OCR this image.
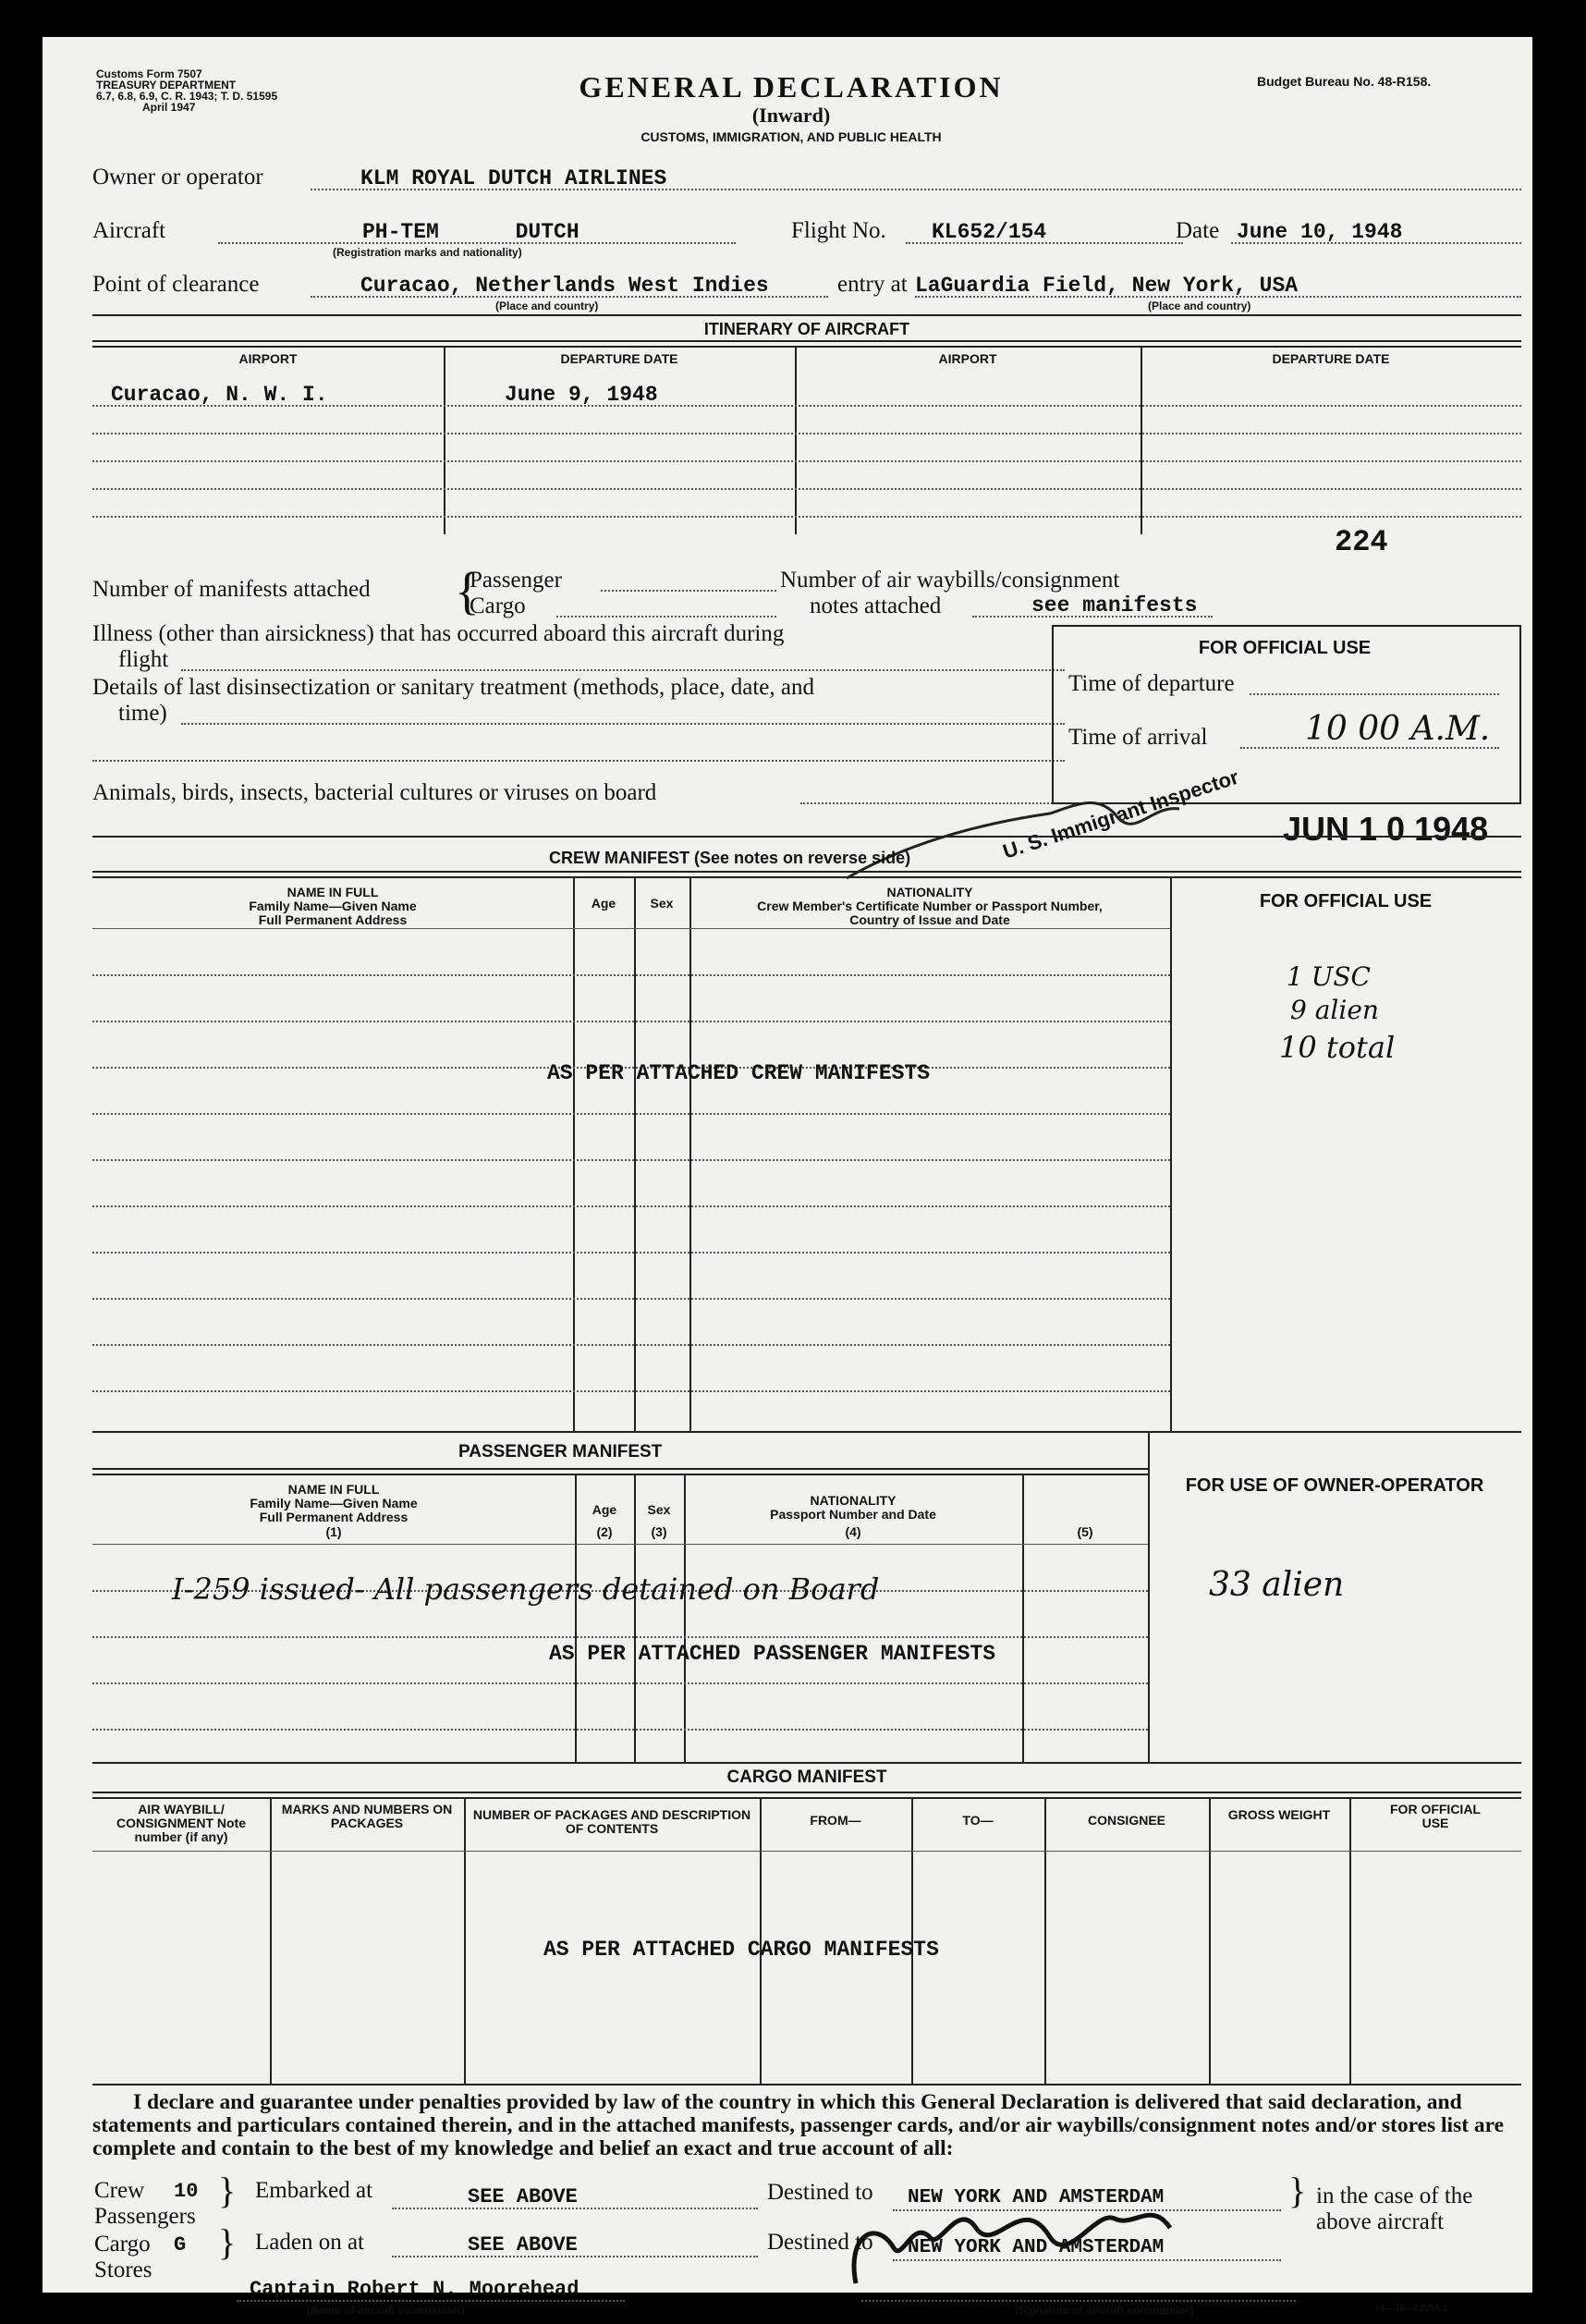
Customs Form 7507
TREASURY DEPARTMENT
6.7, 6.8, 6.9, C. R. 1943; T. D. 51595
April 1947
GENERAL DECLARATION
(Inward)
CUSTOMS, IMMIGRATION, AND PUBLIC HEALTH
Budget Bureau No. 48-R158.
Owner or operator	KLM ROYAL DUTCH AIRLINES
Aircraft	PH-TEM      DUTCH
(Registration marks and nationality)
Flight No. KL652/154	Date June 10, 1948
Point of clearance	Curacao, Netherlands West Indies
(Place and country)
entry at LaGuardia Field, New York, USA
(Place and country)
ITINERARY OF AIRCRAFT
AIRPORT	DEPARTURE DATE	AIRPORT	DEPARTURE DATE
Curacao, N. W. I.	June 9, 1948
224
Number of manifests attached {
Passenger
Cargo
Number of air waybills/consignment
notes attached	see manifests
Illness (other than airsickness) that has occurred aboard this aircraft during
flight
Details of last disinsectization or sanitary treatment (methods, place, date, and
time)
Animals, birds, insects, bacterial cultures or viruses on board
FOR OFFICIAL USE
Time of departure
Time of arrival	10 00 A.M.
U. S. Immigrant Inspector JUN 1 0 1948
CREW MANIFEST (See notes on reverse side)
NAME IN FULL
Family Name—Given Name
Full Permanent Address
Age	Sex
NATIONALITY
Crew Member's Certificate Number or Passport Number,
Country of Issue and Date
FOR OFFICIAL USE
AS PER ATTACHED CREW MANIFESTS
1 USC
9 alien
10 total
PASSENGER MANIFEST
NAME IN FULL
Family Name—Given Name
Full Permanent Address
(1)
Age
(2)
Sex
(3)
NATIONALITY
Passport Number and Date
(4)	(5)
FOR USE OF OWNER-OPERATOR
I-259 issued- All passengers detained on Board	33 alien
AS PER ATTACHED PASSENGER MANIFESTS
CARGO MANIFEST
AIR WAYBILL/ CONSIGNMENT Note number (if any)
MARKS AND NUMBERS ON PACKAGES
NUMBER OF PACKAGES AND DESCRIPTION OF CONTENTS
FROM—	TO—	CONSIGNEE	GROSS WEIGHT	FOR OFFICIAL USE
AS PER ATTACHED CARGO MANIFESTS
I declare and guarantee under penalties provided by law of the country in which this General Declaration is delivered that said declaration, and statements and particulars contained therein, and in the attached manifests, passenger cards, and/or air waybills/consignment notes and/or stores list are complete and contain to the best of my knowledge and belief an exact and true account of all:
Crew 10
Passengers
Cargo G
Stores
}
}
Embarked at	SEE ABOVE
Laden on at	SEE ABOVE
Destined to NEW YORK AND AMSTERDAM
Destined to NEW YORK AND AMSTERDAM
} in the case of the
above aircraft
Captain Robert N. Moorehead
(Name of aircraft commander)	(Signature of aircraft commander)	c6—16—52255-1
